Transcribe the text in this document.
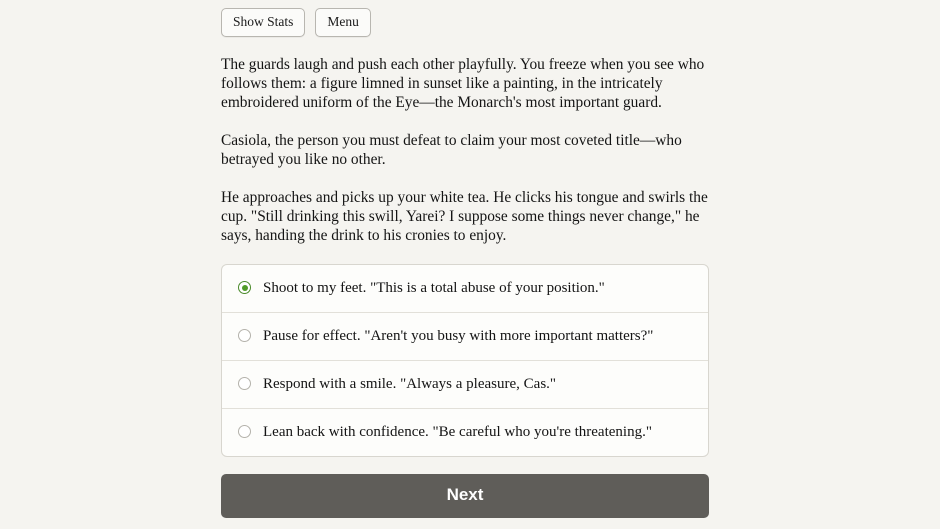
Show Stats	Menu

The guards laugh and push each other playfully. You freeze when you see who follows them: a figure limned in sunset like a painting, in the intricately embroidered uniform of the Eye—the Monarch's most important guard.

Casiola, the person you must defeat to claim your most coveted title—who betrayed you like no other.

He approaches and picks up your white tea. He clicks his tongue and swirls the cup. "Still drinking this swill, Yarei? I suppose some things never change," he says, handing the drink to his cronies to enjoy.

Shoot to my feet. "This is a total abuse of your position."
Pause for effect. "Aren't you busy with more important matters?"
Respond with a smile. "Always a pleasure, Cas."
Lean back with confidence. "Be careful who you're threatening."
Next
